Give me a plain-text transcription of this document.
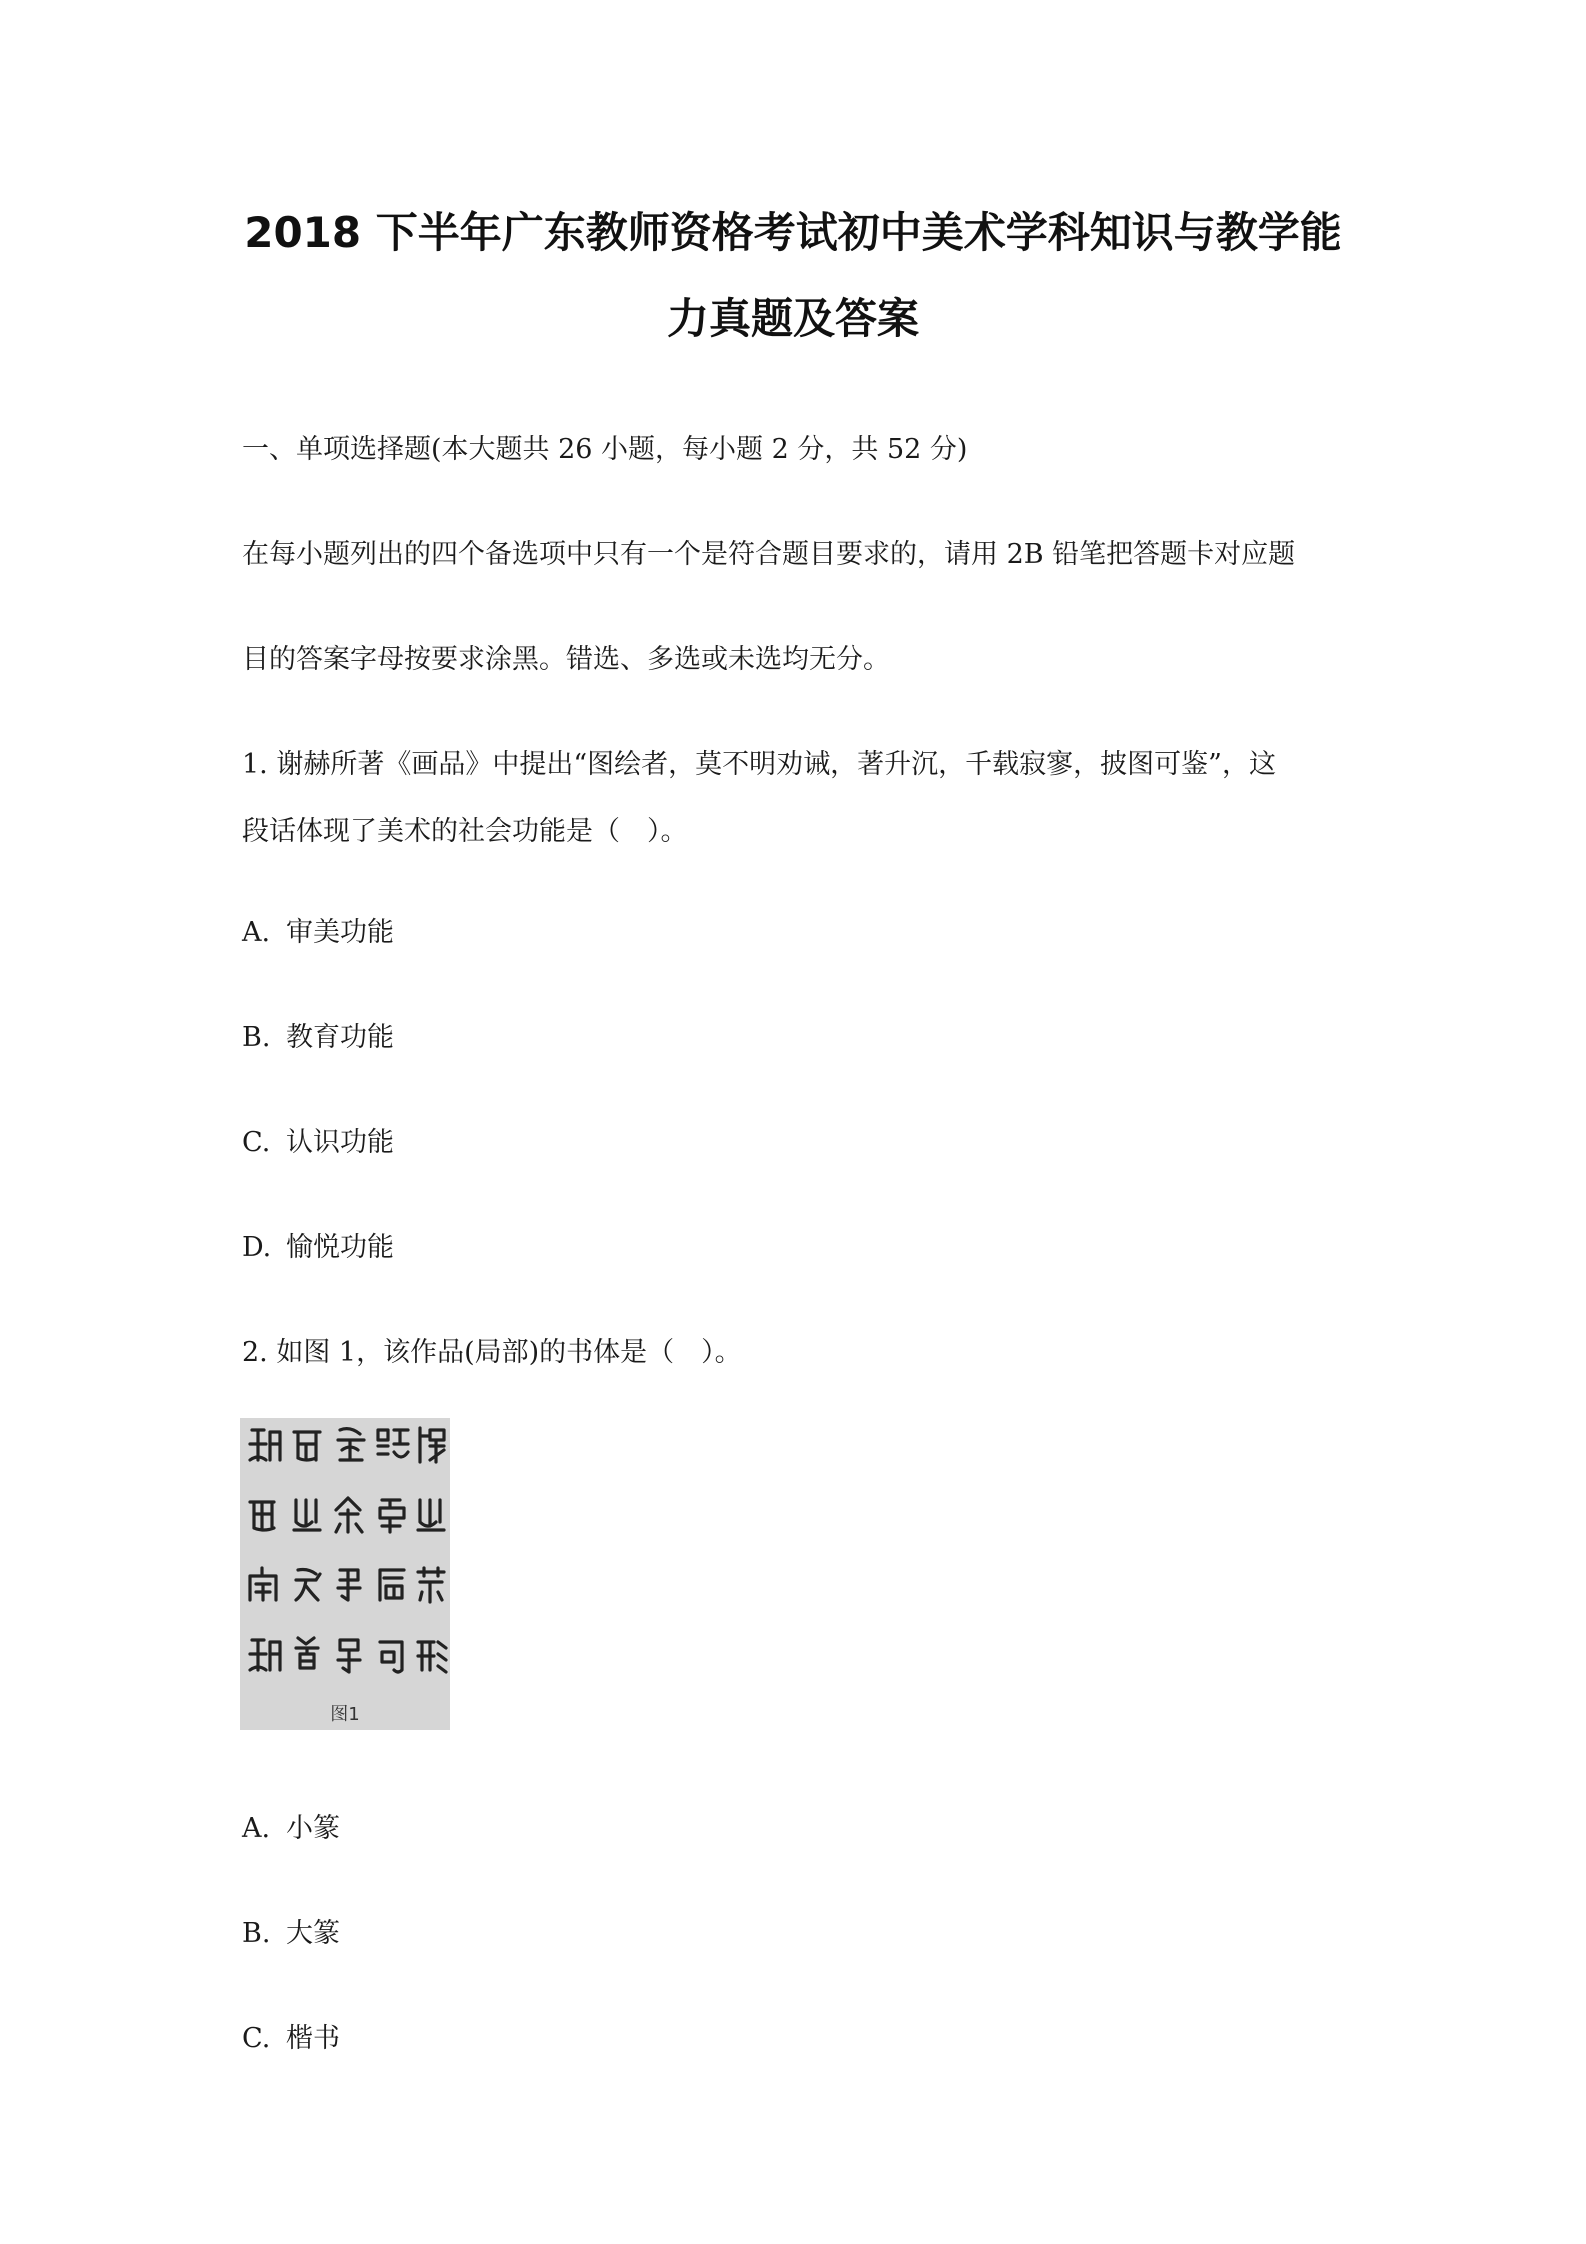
2018 下半年广东教师资格考试初中美术学科知识与教学能
力真题及答案
一、单项选择题(本大题共 26 小题，每小题 2 分，共 52 分)
在每小题列出的四个备选项中只有一个是符合题目要求的，请用 2B 铅笔把答题卡对应题
目的答案字母按要求涂黑。错选、多选或未选均无分。
1. 谢赫所著《画品》中提出“图绘者，莫不明劝诫，著升沉，千载寂寥，披图可鉴”，这
段话体现了美术的社会功能是（　）。
A. 审美功能
B. 教育功能
C. 认识功能
D. 愉悦功能
2. 如图 1，该作品(局部)的书体是（　）。
图1
A. 小篆
B. 大篆
C. 楷书
